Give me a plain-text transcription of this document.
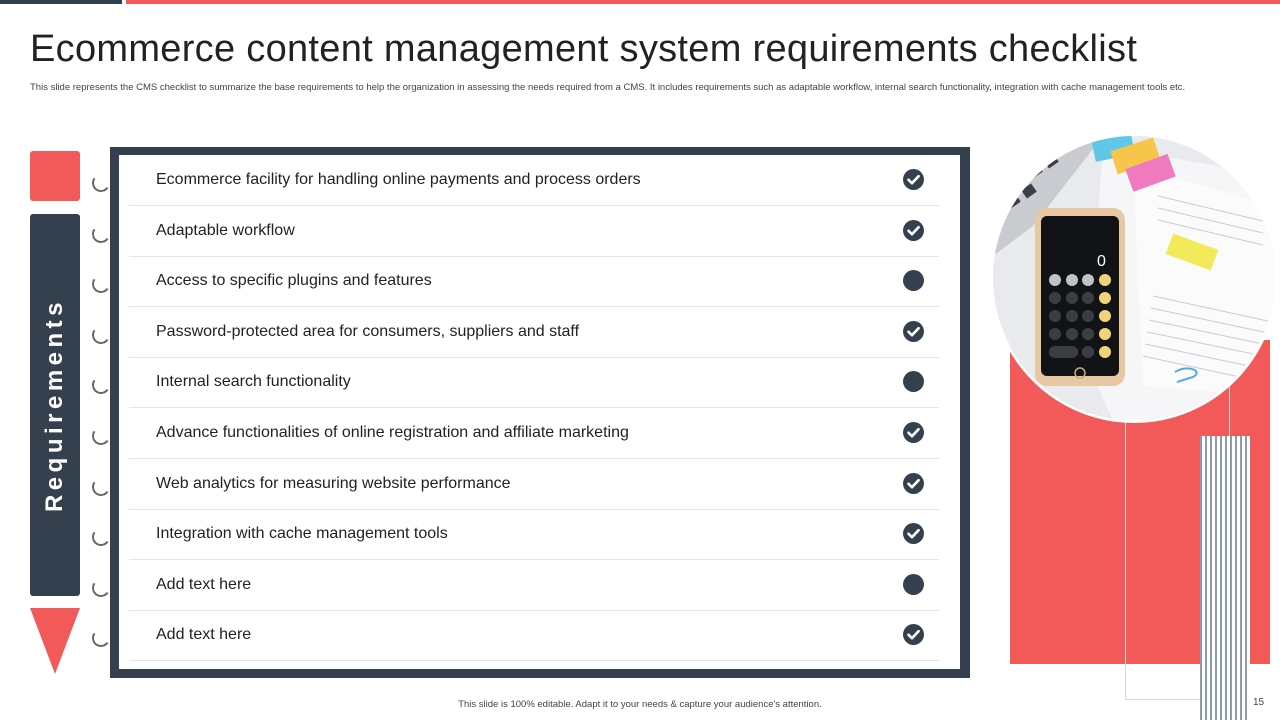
Ecommerce content management system requirements checklist

This slide represents the CMS checklist to summarize the base requirements to help the organization in assessing the needs required from a CMS. It includes requirements such as adaptable workflow, internal search functionality, integration with cache management tools etc.

Requirements
Ecommerce facility for handling online payments and process orders
Adaptable workflow
Access to specific plugins and features
Password-protected area for consumers, suppliers and staff
Internal search functionality
Advance functionalities of online registration and affiliate marketing
Web analytics for measuring website performance
Integration with cache management tools
Add text here
Add text here
0
This slide is 100% editable. Adapt it to your needs & capture your audience's attention.	15
